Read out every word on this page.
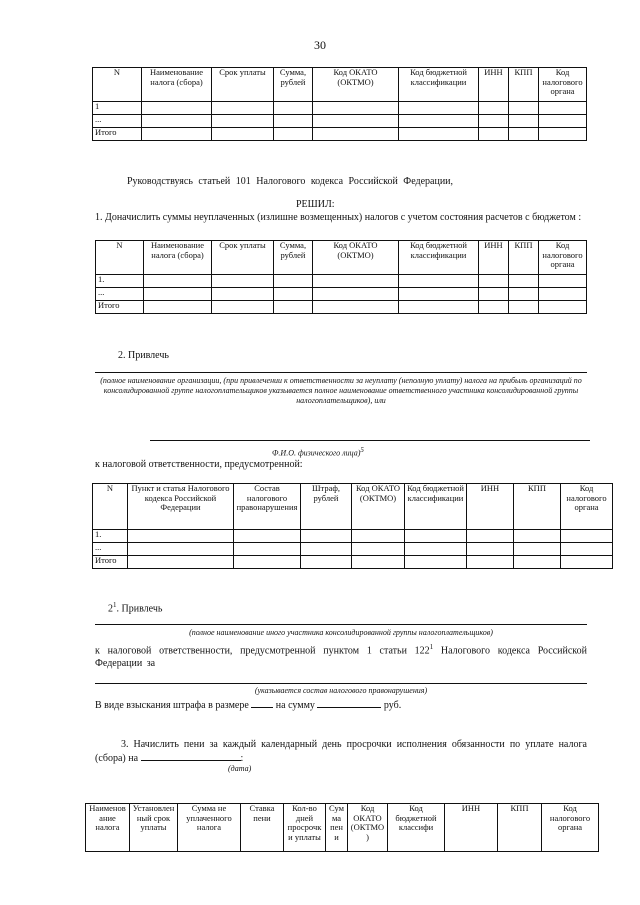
30
N	Наименование налога (сбора)	Срок уплаты	Сумма, рублей	Код ОКАТО (ОКТМО)	Код бюджетной классификации	ИНН	КПП	Код налогового органа
1								
...								
Итого								
Руководствуясь статьей 101 Налогового кодекса Российской Федерации,
РЕШИЛ:
1. Доначислить суммы неуплаченных (излишне возмещенных) налогов с учетом состояния расчетов с бюджетом :
N	Наименование налога (сбора)	Срок уплаты	Сумма, рублей	Код ОКАТО (ОКТМО)	Код бюджетной классификации	ИНН	КПП	Код налогового органа
1.								
...								
Итого								
2. Привлечь
(полное наименование организации, (при привлечении к ответственности за неуплату (неполную уплату) налога на прибыль организаций по консолидированной группе налогоплательщиков указывается полное наименование ответственного участника консолидированной группы налогоплательщиков), или
Ф.И.О. физического лица)$^5$
к налоговой ответственности, предусмотренной:
N	Пункт и статья Налогового кодекса Российской Федерации	Состав налогового правонарушения	Штраф, рублей	Код ОКАТО (ОКТМО)	Код бюджетной классификации	ИНН	КПП	Код налогового органа
1.								
...								
Итого								
$2^1$. Привлечь
(полное наименование иного участника консолидированной группы налогоплательщиков)
к налоговой ответственности, предусмотренной пунктом 1 статьи $122^1$ Налогового кодекса Российской Федерации за
(указывается состав налогового правонарушения)
В виде взыскания штрафа в размере	на сумму	руб.
3. Начислить пени за каждый календарный день просрочки исполнения обязанности по уплате налога (сбора) на	:
(дата)
Наименование налога	Установленный срок уплаты	Сумма не уплаченного налога	Ставка пени	Кол-во дней просрочки уплаты	Сумма пени	Код ОКАТО (ОКТМО)	Код бюджетной классифи	ИНН	КПП	Код налогового органа
